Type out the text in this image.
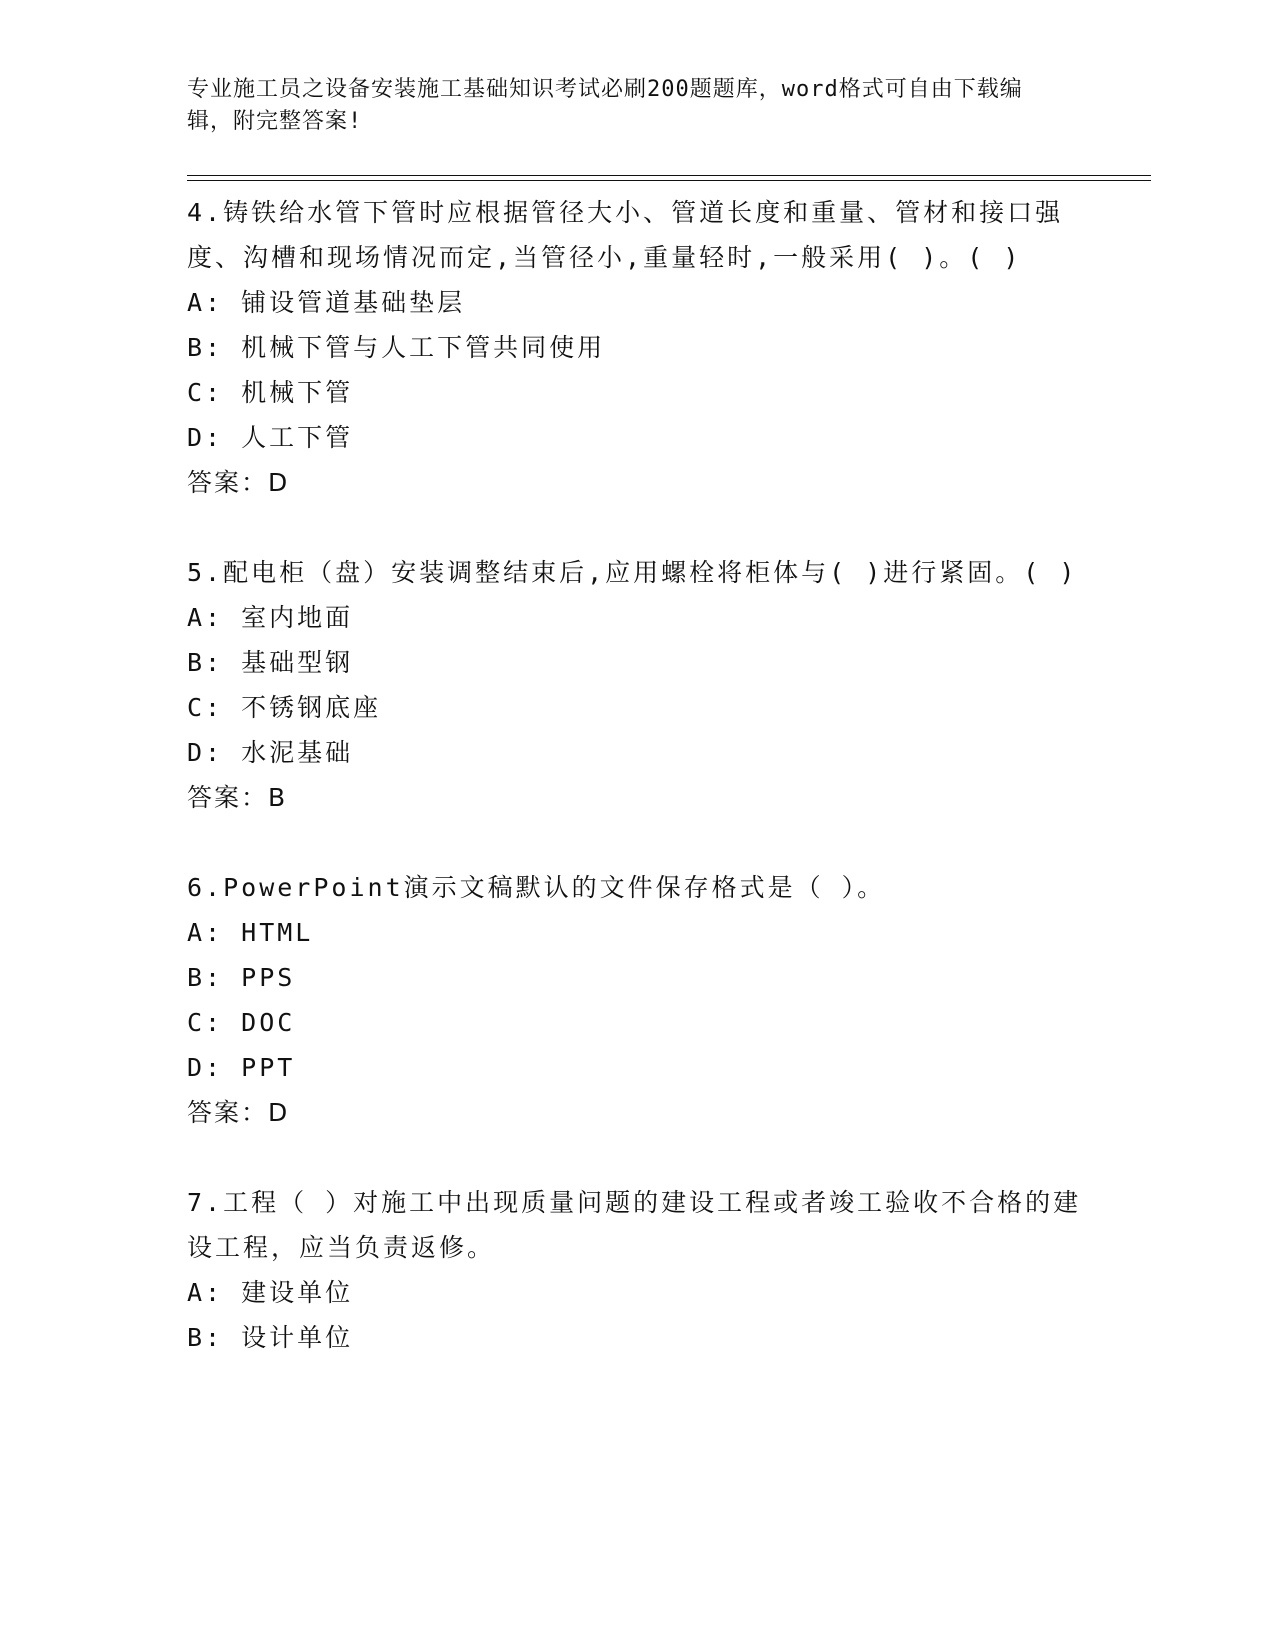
专业施工员之设备安装施工基础知识考试必刷200题题库，word格式可自由下载编辑，附完整答案!

4.铸铁给水管下管时应根据管径大小、管道长度和重量、管材和接口强度、沟槽和现场情况而定,当管径小,重量轻时,一般采用( )。( )

A: 铺设管道基础垫层

B: 机械下管与人工下管共同使用

C: 机械下管

D: 人工下管

答案：D

5.配电柜（盘）安装调整结束后,应用螺栓将柜体与( )进行紧固。( )

A: 室内地面

B: 基础型钢

C: 不锈钢底座

D: 水泥基础

答案：B

6.PowerPoint演示文稿默认的文件保存格式是（ ）。

A: HTML

B: PPS

C: DOC

D: PPT

答案：D

7.工程（ ）对施工中出现质量问题的建设工程或者竣工验收不合格的建设工程，应当负责返修。

A: 建设单位

B: 设计单位
